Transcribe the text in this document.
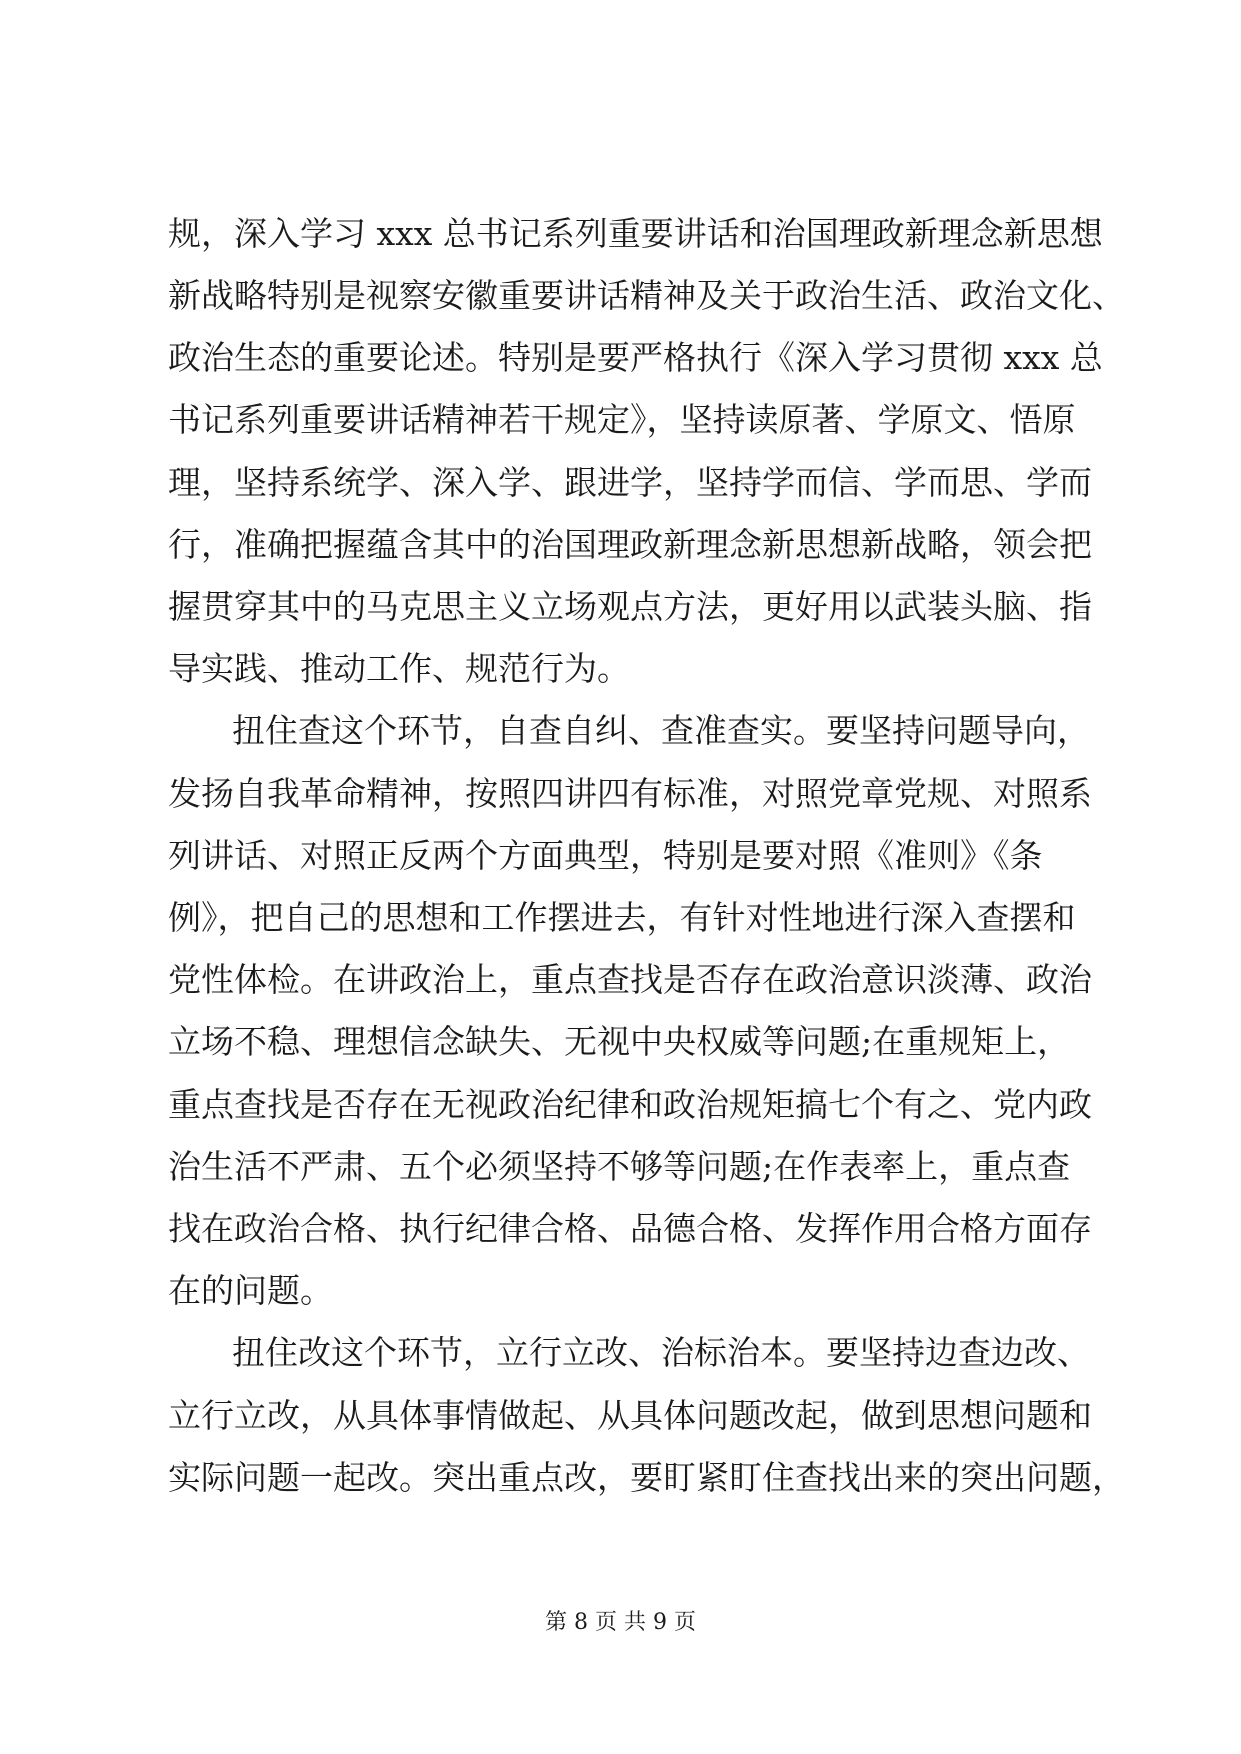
规，深入学习 xxx 总书记系列重要讲话和治国理政新理念新思想
新战略特别是视察安徽重要讲话精神及关于政治生活、政治文化、
政治生态的重要论述。特别是要严格执行《深入学习贯彻 xxx 总
书记系列重要讲话精神若干规定》，坚持读原著、学原文、悟原
理，坚持系统学、深入学、跟进学，坚持学而信、学而思、学而
行，准确把握蕴含其中的治国理政新理念新思想新战略，领会把
握贯穿其中的马克思主义立场观点方法，更好用以武装头脑、指
导实践、推动工作、规范行为。
扭住查这个环节，自查自纠、查准查实。要坚持问题导向，
发扬自我革命精神，按照四讲四有标准，对照党章党规、对照系
列讲话、对照正反两个方面典型，特别是要对照《准则》《条
例》，把自己的思想和工作摆进去，有针对性地进行深入查摆和
党性体检。在讲政治上，重点查找是否存在政治意识淡薄、政治
立场不稳、理想信念缺失、无视中央权威等问题;在重规矩上，
重点查找是否存在无视政治纪律和政治规矩搞七个有之、党内政
治生活不严肃、五个必须坚持不够等问题;在作表率上，重点查
找在政治合格、执行纪律合格、品德合格、发挥作用合格方面存
在的问题。
扭住改这个环节，立行立改、治标治本。要坚持边查边改、
立行立改，从具体事情做起、从具体问题改起，做到思想问题和
实际问题一起改。突出重点改，要盯紧盯住查找出来的突出问题，
第 8 页 共 9 页
